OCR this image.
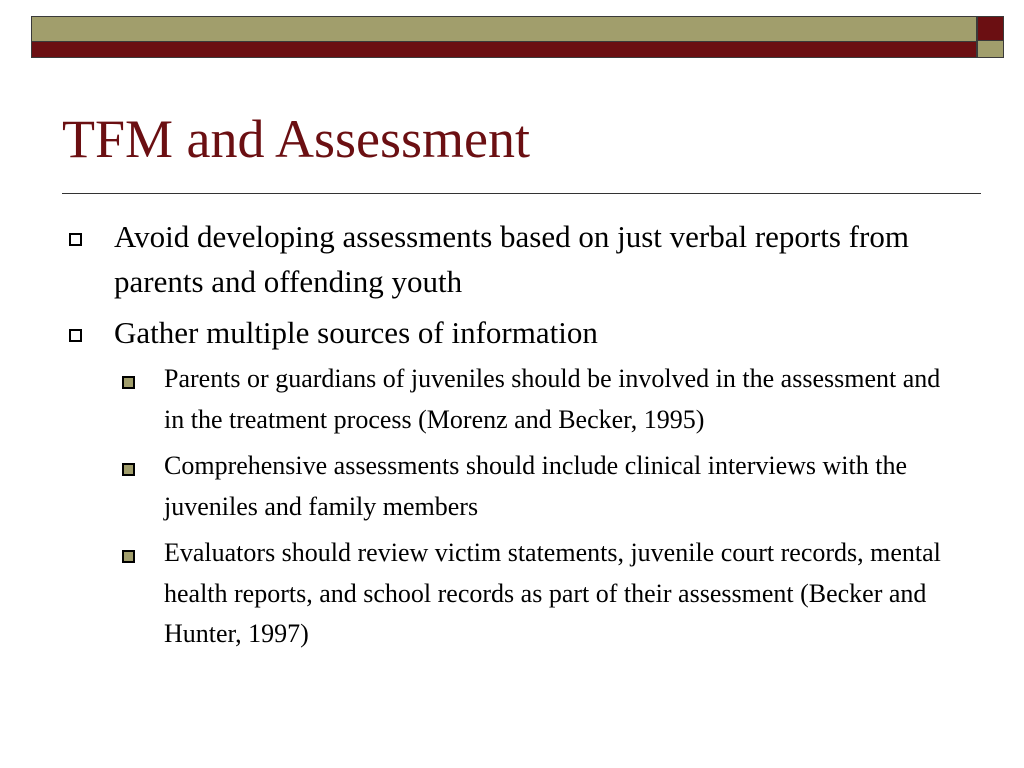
TFM and Assessment
Avoid developing assessments based on just verbal reports from parents and offending youth
Gather multiple sources of information
Parents or guardians of juveniles should be involved in the assessment and in the treatment process (Morenz and Becker, 1995)
Comprehensive assessments should include clinical interviews with the juveniles and family members
Evaluators should review victim statements, juvenile court records, mental health reports, and school records as part of their assessment (Becker and Hunter, 1997)
